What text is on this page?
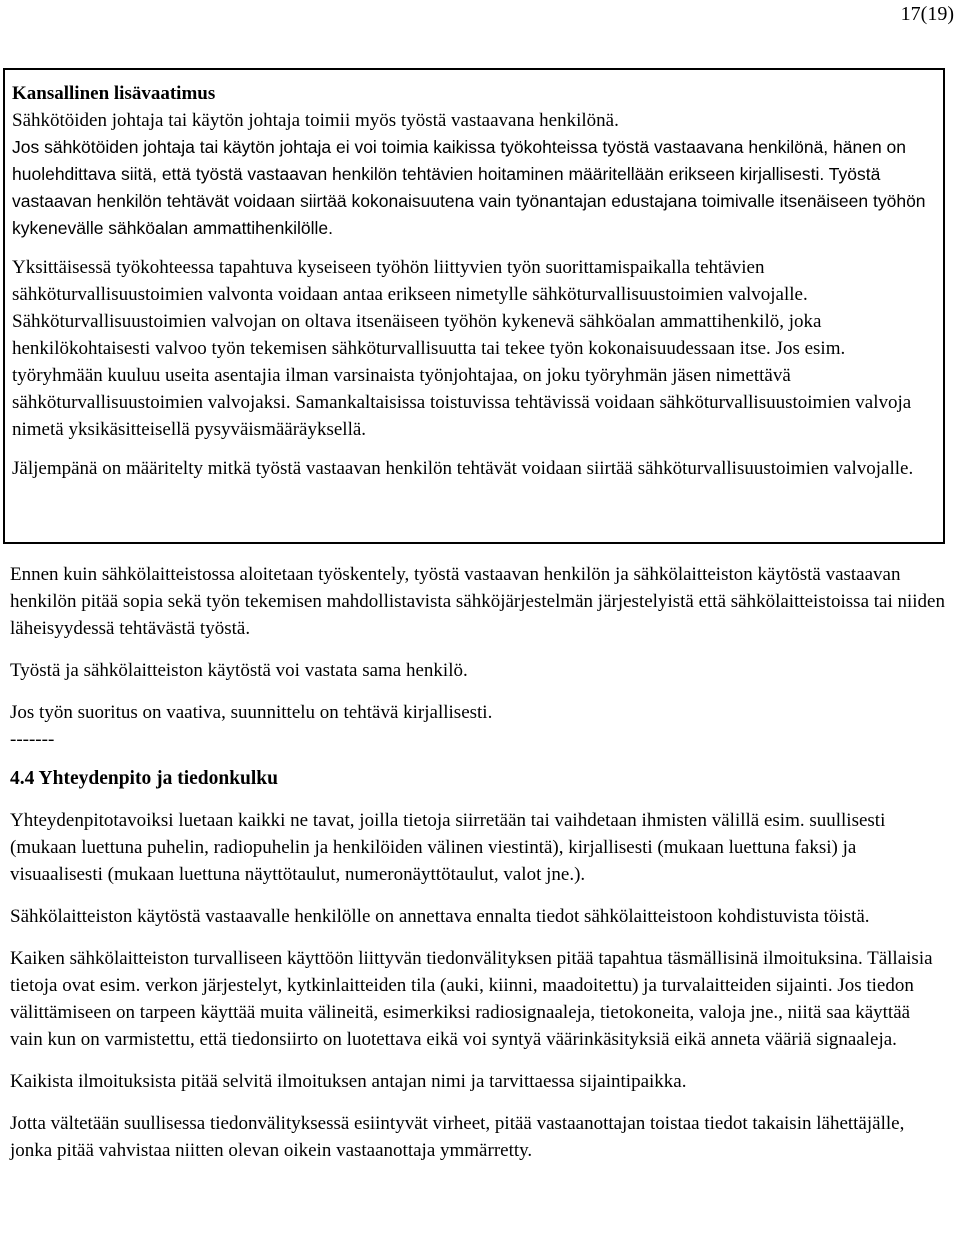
17(19)
Kansallinen lisävaatimus
Sähkötöiden johtaja tai käytön johtaja toimii myös työstä vastaavana henkilönä.

Jos sähkötöiden johtaja tai käytön johtaja ei voi toimia kaikissa työkohteissa työstä vastaavana henkilönä, hänen on huolehdittava siitä, että työstä vastaavan henkilön tehtävien hoitaminen määritellään erikseen kirjallisesti. Työstä vastaavan henkilön tehtävät voidaan siirtää kokonaisuutena vain työnantajan edustajana toimivalle itsenäiseen työhön kykenevälle sähköalan ammattihenkilölle.

Yksittäisessä työkohteessa tapahtuva kyseiseen työhön liittyvien työn suorittamispaikalla tehtävien sähköturvallisuustoimien valvonta voidaan antaa erikseen nimetylle sähköturvallisuustoimien valvojalle. Sähköturvallisuustoimien valvojan on oltava itsenäiseen työhön kykenevä sähköalan ammattihenkilö, joka henkilökohtaisesti valvoo työn tekemisen sähköturvallisuutta tai tekee työn kokonaisuudessaan itse. Jos esim. työryhmään kuuluu useita asentajia ilman varsinaista työnjohtajaa, on joku työryhmän jäsen nimettävä sähköturvallisuustoimien valvojaksi. Samankaltaisissa toistuvissa tehtävissä voidaan sähköturvallisuustoimien valvoja nimetä yksikäsitteisellä pysyväismääräyksellä.

Jäljempänä on määritelty mitkä työstä vastaavan henkilön tehtävät voidaan siirtää sähköturvallisuustoimien valvojalle.

Ennen kuin sähkölaitteistossa aloitetaan työskentely, työstä vastaavan henkilön ja sähkölaitteiston käytöstä vastaavan henkilön pitää sopia sekä työn tekemisen mahdollistavista sähköjärjestelmän järjestelyistä että sähkölaitteistoissa tai niiden läheisyydessä tehtävästä työstä.

Työstä ja sähkölaitteiston käytöstä voi vastata sama henkilö.

Jos työn suoritus on vaativa, suunnittelu on tehtävä kirjallisesti.

-------
4.4 Yhteydenpito ja tiedonkulku

Yhteydenpitotavoiksi luetaan kaikki ne tavat, joilla tietoja siirretään tai vaihdetaan ihmisten välillä esim. suullisesti (mukaan luettuna puhelin, radiopuhelin ja henkilöiden välinen viestintä), kirjallisesti (mukaan luettuna faksi) ja visuaalisesti (mukaan luettuna näyttötaulut, numeronäyttötaulut, valot jne.).

Sähkölaitteiston käytöstä vastaavalle henkilölle on annettava ennalta tiedot sähkölaitteistoon kohdistuvista töistä.

Kaiken sähkölaitteiston turvalliseen käyttöön liittyvän tiedonvälityksen pitää tapahtua täsmällisinä ilmoituksina. Tällaisia tietoja ovat esim. verkon järjestelyt, kytkinlaitteiden tila (auki, kiinni, maadoitettu) ja turvalaitteiden sijainti. Jos tiedon välittämiseen on tarpeen käyttää muita välineitä, esimerkiksi radiosignaaleja, tietokoneita, valoja jne., niitä saa käyttää vain kun on varmistettu, että tiedonsiirto on luotettava eikä voi syntyä väärinkäsityksiä eikä anneta vääriä signaaleja.

Kaikista ilmoituksista pitää selvitä ilmoituksen antajan nimi ja tarvittaessa sijaintipaikka.

Jotta vältetään suullisessa tiedonvälityksessä esiintyvät virheet, pitää vastaanottajan toistaa tiedot takaisin lähettäjälle, jonka pitää vahvistaa niitten olevan oikein vastaanottaja ymmärretty.
